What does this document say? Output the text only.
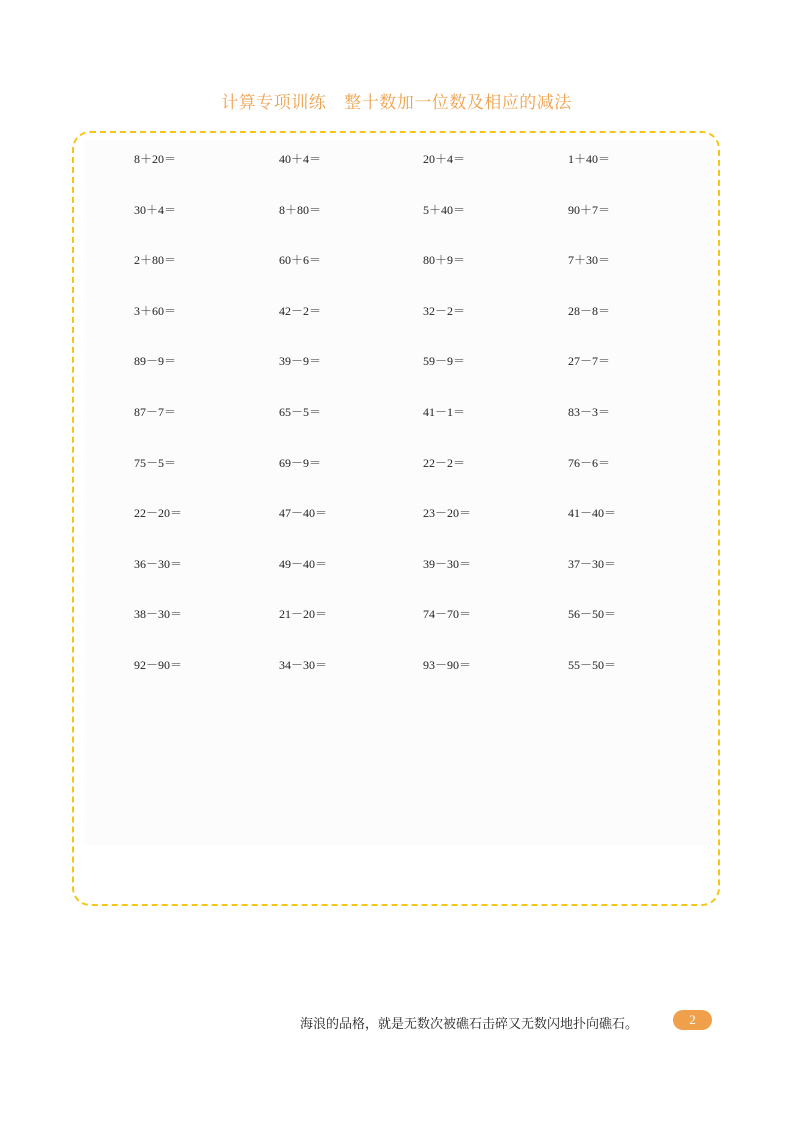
计算专项训练 整十数加一位数及相应的减法
8＋20＝	40＋4＝	20＋4＝	1＋40＝
30＋4＝	8＋80＝	5＋40＝	90＋7＝
2＋80＝	60＋6＝	80＋9＝	7＋30＝
3＋60＝	42－2＝	32－2＝	28－8＝
89－9＝	39－9＝	59－9＝	27－7＝
87－7＝	65－5＝	41－1＝	83－3＝
75－5＝	69－9＝	22－2＝	76－6＝
22－20＝	47－40＝	23－20＝	41－40＝
36－30＝	49－40＝	39－30＝	37－30＝
38－30＝	21－20＝	74－70＝	56－50＝
92－90＝	34－30＝	93－90＝	55－50＝
海浪的品格，就是无数次被礁石击碎又无数闪地扑向礁石。	2
